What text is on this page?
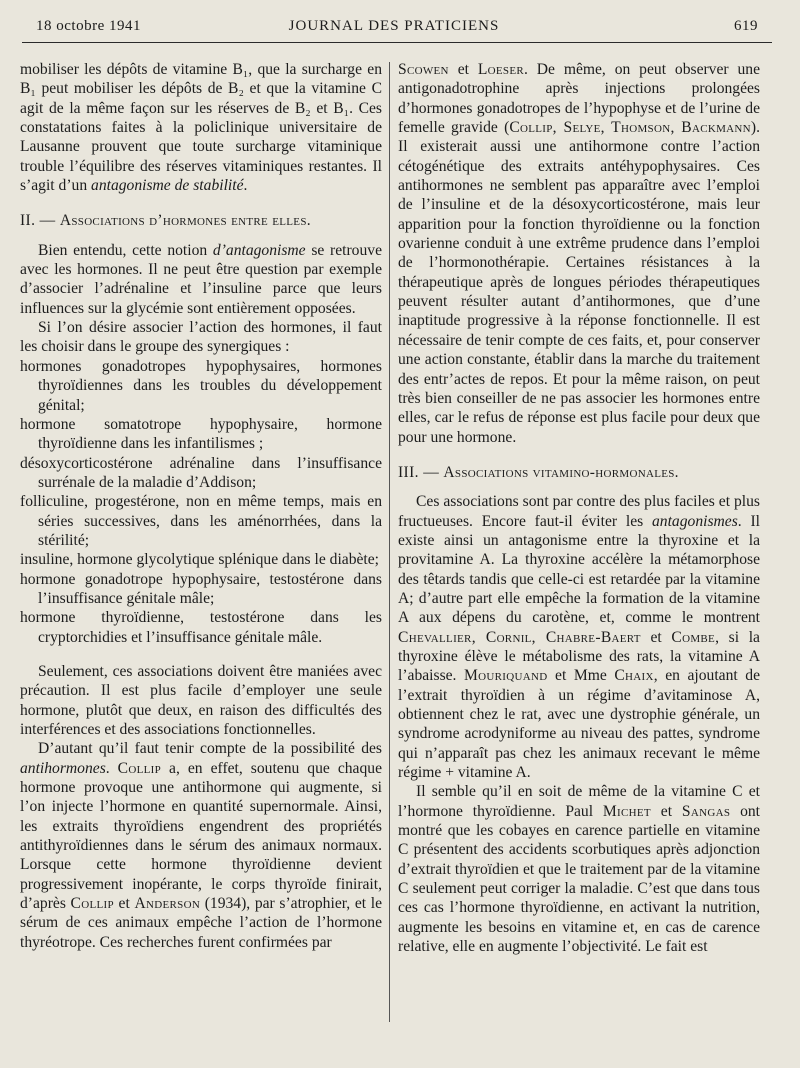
18 octobre 1941	JOURNAL DES PRATICIENS	619

mobiliser les dépôts de vitamine B₁, que la surcharge en B₁ peut mobiliser les dépôts de B₂ et que la vitamine C agit de la même façon sur les réserves de B₂ et B₁. Ces constatations faites à la policlinique universitaire de Lausanne prouvent que toute surcharge vitaminique trouble l’équilibre des réserves vitaminiques restantes. Il s’agit d’un antagonisme de stabilité.

II. — Associations d’hormones entre elles.

Bien entendu, cette notion d’antagonisme se retrouve avec les hormones. Il ne peut être question par exemple d’associer l’adrénaline et l’insuline parce que leurs influences sur la glycémie sont entièrement opposées.

Si l’on désire associer l’action des hormones, il faut les choisir dans le groupe des synergiques :

hormones gonadotropes hypophysaires, hormones thyroïdiennes dans les troubles du développement génital;

hormone somatotrope hypophysaire, hormone thyroïdienne dans les infantilismes ;

désoxycorticostérone adrénaline dans l’insuffisance surrénale de la maladie d’Addison;

folliculine, progestérone, non en même temps, mais en séries successives, dans les aménorrhées, dans la stérilité;

insuline, hormone glycolytique splénique dans le diabète;

hormone gonadotrope hypophysaire, testostérone dans l’insuffisance génitale mâle;

hormone thyroïdienne, testostérone dans les cryptorchidies et l’insuffisance génitale mâle.

Seulement, ces associations doivent être maniées avec précaution. Il est plus facile d’employer une seule hormone, plutôt que deux, en raison des difficultés des interférences et des associations fonctionnelles.

D’autant qu’il faut tenir compte de la possibilité des antihormones. Collip a, en effet, soutenu que chaque hormone provoque une antihormone qui augmente, si l’on injecte l’hormone en quantité supernormale. Ainsi, les extraits thyroïdiens engendrent des propriétés antithyroïdiennes dans le sérum des animaux normaux. Lorsque cette hormone thyroïdienne devient progressivement inopérante, le corps thyroïde finirait, d’après Collip et Anderson (1934), par s’atrophier, et le sérum de ces animaux empêche l’action de l’hormone thyréotrope. Ces recherches furent confirmées par

Scowen et Loeser. De même, on peut observer une antigonadotrophine après injections prolongées d’hormones gonadotropes de l’hypophyse et de l’urine de femelle gravide (Collip, Selye, Thomson, Backmann). Il existerait aussi une antihormone contre l’action cétogénétique des extraits antéhypophysaires. Ces antihormones ne semblent pas apparaître avec l’emploi de l’insuline et de la désoxycorticostérone, mais leur apparition pour la fonction thyroïdienne ou la fonction ovarienne conduit à une extrême prudence dans l’emploi de l’hormonothérapie. Certaines résistances à la thérapeutique après de longues périodes thérapeutiques peuvent résulter autant d’antihormones, que d’une inaptitude progressive à la réponse fonctionnelle. Il est nécessaire de tenir compte de ces faits, et, pour conserver une action constante, établir dans la marche du traitement des entr’actes de repos. Et pour la même raison, on peut très bien conseiller de ne pas associer les hormones entre elles, car le refus de réponse est plus facile pour deux que pour une hormone.

III. — Associations vitamino-hormonales.

Ces associations sont par contre des plus faciles et plus fructueuses. Encore faut-il éviter les antagonismes. Il existe ainsi un antagonisme entre la thyroxine et la provitamine A. La thyroxine accélère la métamorphose des têtards tandis que celle-ci est retardée par la vitamine A; d’autre part elle empêche la formation de la vitamine A aux dépens du carotène, et, comme le montrent Chevallier, Cornil, Chabre-Baert et Combe, si la thyroxine élève le métabolisme des rats, la vitamine A l’abaisse. Mouriquand et Mme Chaix, en ajoutant de l’extrait thyroïdien à un régime d’avitaminose A, obtiennent chez le rat, avec une dystrophie générale, un syndrome acrodyniforme au niveau des pattes, syndrome qui n’apparaît pas chez les animaux recevant le même régime + vitamine A.

Il semble qu’il en soit de même de la vitamine C et l’hormone thyroïdienne. Paul Michet et Sangas ont montré que les cobayes en carence partielle en vitamine C présentent des accidents scorbutiques après adjonction d’extrait thyroïdien et que le traitement par de la vitamine C seulement peut corriger la maladie. C’est que dans tous ces cas l’hormone thyroïdienne, en activant la nutrition, augmente les besoins en vitamine et, en cas de carence relative, elle en augmente l’objectivité. Le fait est
